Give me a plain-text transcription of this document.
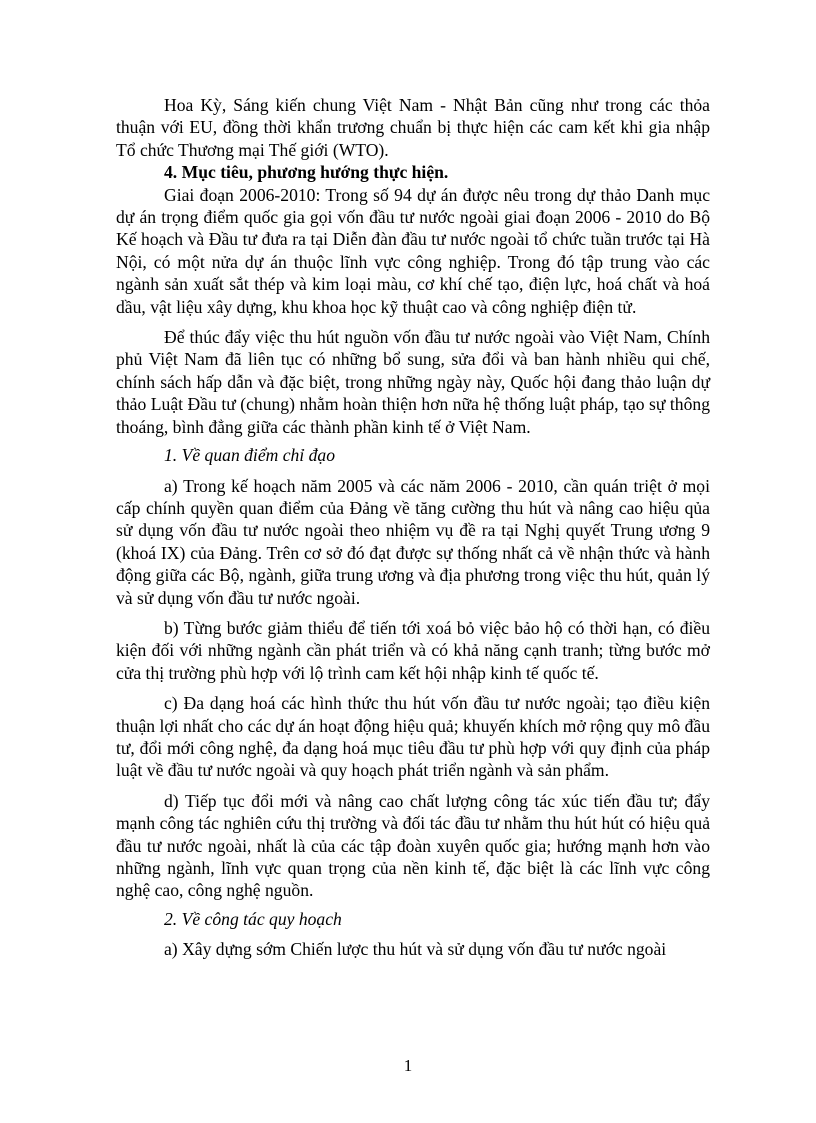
Hoa Kỳ, Sáng kiến chung Việt Nam - Nhật Bản cũng như trong các thỏa thuận với EU, đồng thời khẩn trương chuẩn bị thực hiện các cam kết khi gia nhập Tổ chức Thương mại Thế giới (WTO).

4. Mục tiêu, phương hướng thực hiện.

Giai đoạn 2006-2010: Trong số 94 dự án được nêu trong dự thảo Danh mục dự án trọng điểm quốc gia gọi vốn đầu tư nước ngoài giai đoạn 2006 - 2010 do Bộ Kế hoạch và Đầu tư đưa ra tại Diễn đàn đầu tư nước ngoài tổ chức tuần trước tại Hà Nội, có một nửa dự án thuộc lĩnh vực công nghiệp. Trong đó tập trung vào các ngành sản xuất sắt thép và kim loại màu, cơ khí chế tạo, điện lực, hoá chất và hoá dầu, vật liệu xây dựng, khu khoa học kỹ thuật cao và công nghiệp điện tử.

Để thúc đẩy việc thu hút nguồn vốn đầu tư nước ngoài vào Việt Nam, Chính phủ Việt Nam đã liên tục có những bổ sung, sửa đổi và ban hành nhiều qui chế, chính sách hấp dẫn và đặc biệt, trong những ngày này, Quốc hội đang thảo luận dự thảo Luật Đầu tư (chung) nhằm hoàn thiện hơn nữa hệ thống luật pháp, tạo sự thông thoáng, bình đẳng giữa các thành phần kinh tế ở Việt Nam.

1. Về quan điểm chỉ đạo

a) Trong kế hoạch năm 2005 và các năm 2006 - 2010, cần quán triệt ở mọi cấp chính quyền quan điểm của Đảng về tăng cường thu hút và nâng cao hiệu qủa sử dụng vốn đầu tư nước ngoài theo nhiệm vụ đề ra tại Nghị quyết Trung ương 9 (khoá IX) của Đảng. Trên cơ sở đó đạt được sự thống nhất cả về nhận thức và hành động giữa các Bộ, ngành, giữa trung ương và địa phương trong việc thu hút, quản lý và sử dụng vốn đầu tư nước ngoài.

b) Từng bước giảm thiểu để tiến tới xoá bỏ việc bảo hộ có thời hạn, có điều kiện đối với những ngành cần phát triển và có khả năng cạnh tranh; từng bước mở cửa thị trường phù hợp với lộ trình cam kết hội nhập kinh tế quốc tế.

c) Đa dạng hoá các hình thức thu hút vốn đầu tư nước ngoài; tạo điều kiện thuận lợi nhất cho các dự án hoạt động hiệu quả; khuyến khích mở rộng quy mô đầu tư, đổi mới công nghệ, đa dạng hoá mục tiêu đầu tư phù hợp với quy định của pháp luật về đầu tư nước ngoài và quy hoạch phát triển ngành và sản phẩm.

d) Tiếp tục đổi mới và nâng cao chất lượng công tác xúc tiến đầu tư; đẩy mạnh công tác nghiên cứu thị trường và đối tác đầu tư nhằm thu hút hút có hiệu quả đầu tư nước ngoài, nhất là của các tập đoàn xuyên quốc gia; hướng mạnh hơn vào những ngành, lĩnh vực quan trọng của nền kinh tế, đặc biệt là các lĩnh vực công nghệ cao, công nghệ nguồn.

2. Về công tác quy hoạch

a) Xây dựng sớm Chiến lược thu hút và sử dụng vốn đầu tư nước ngoài

1
